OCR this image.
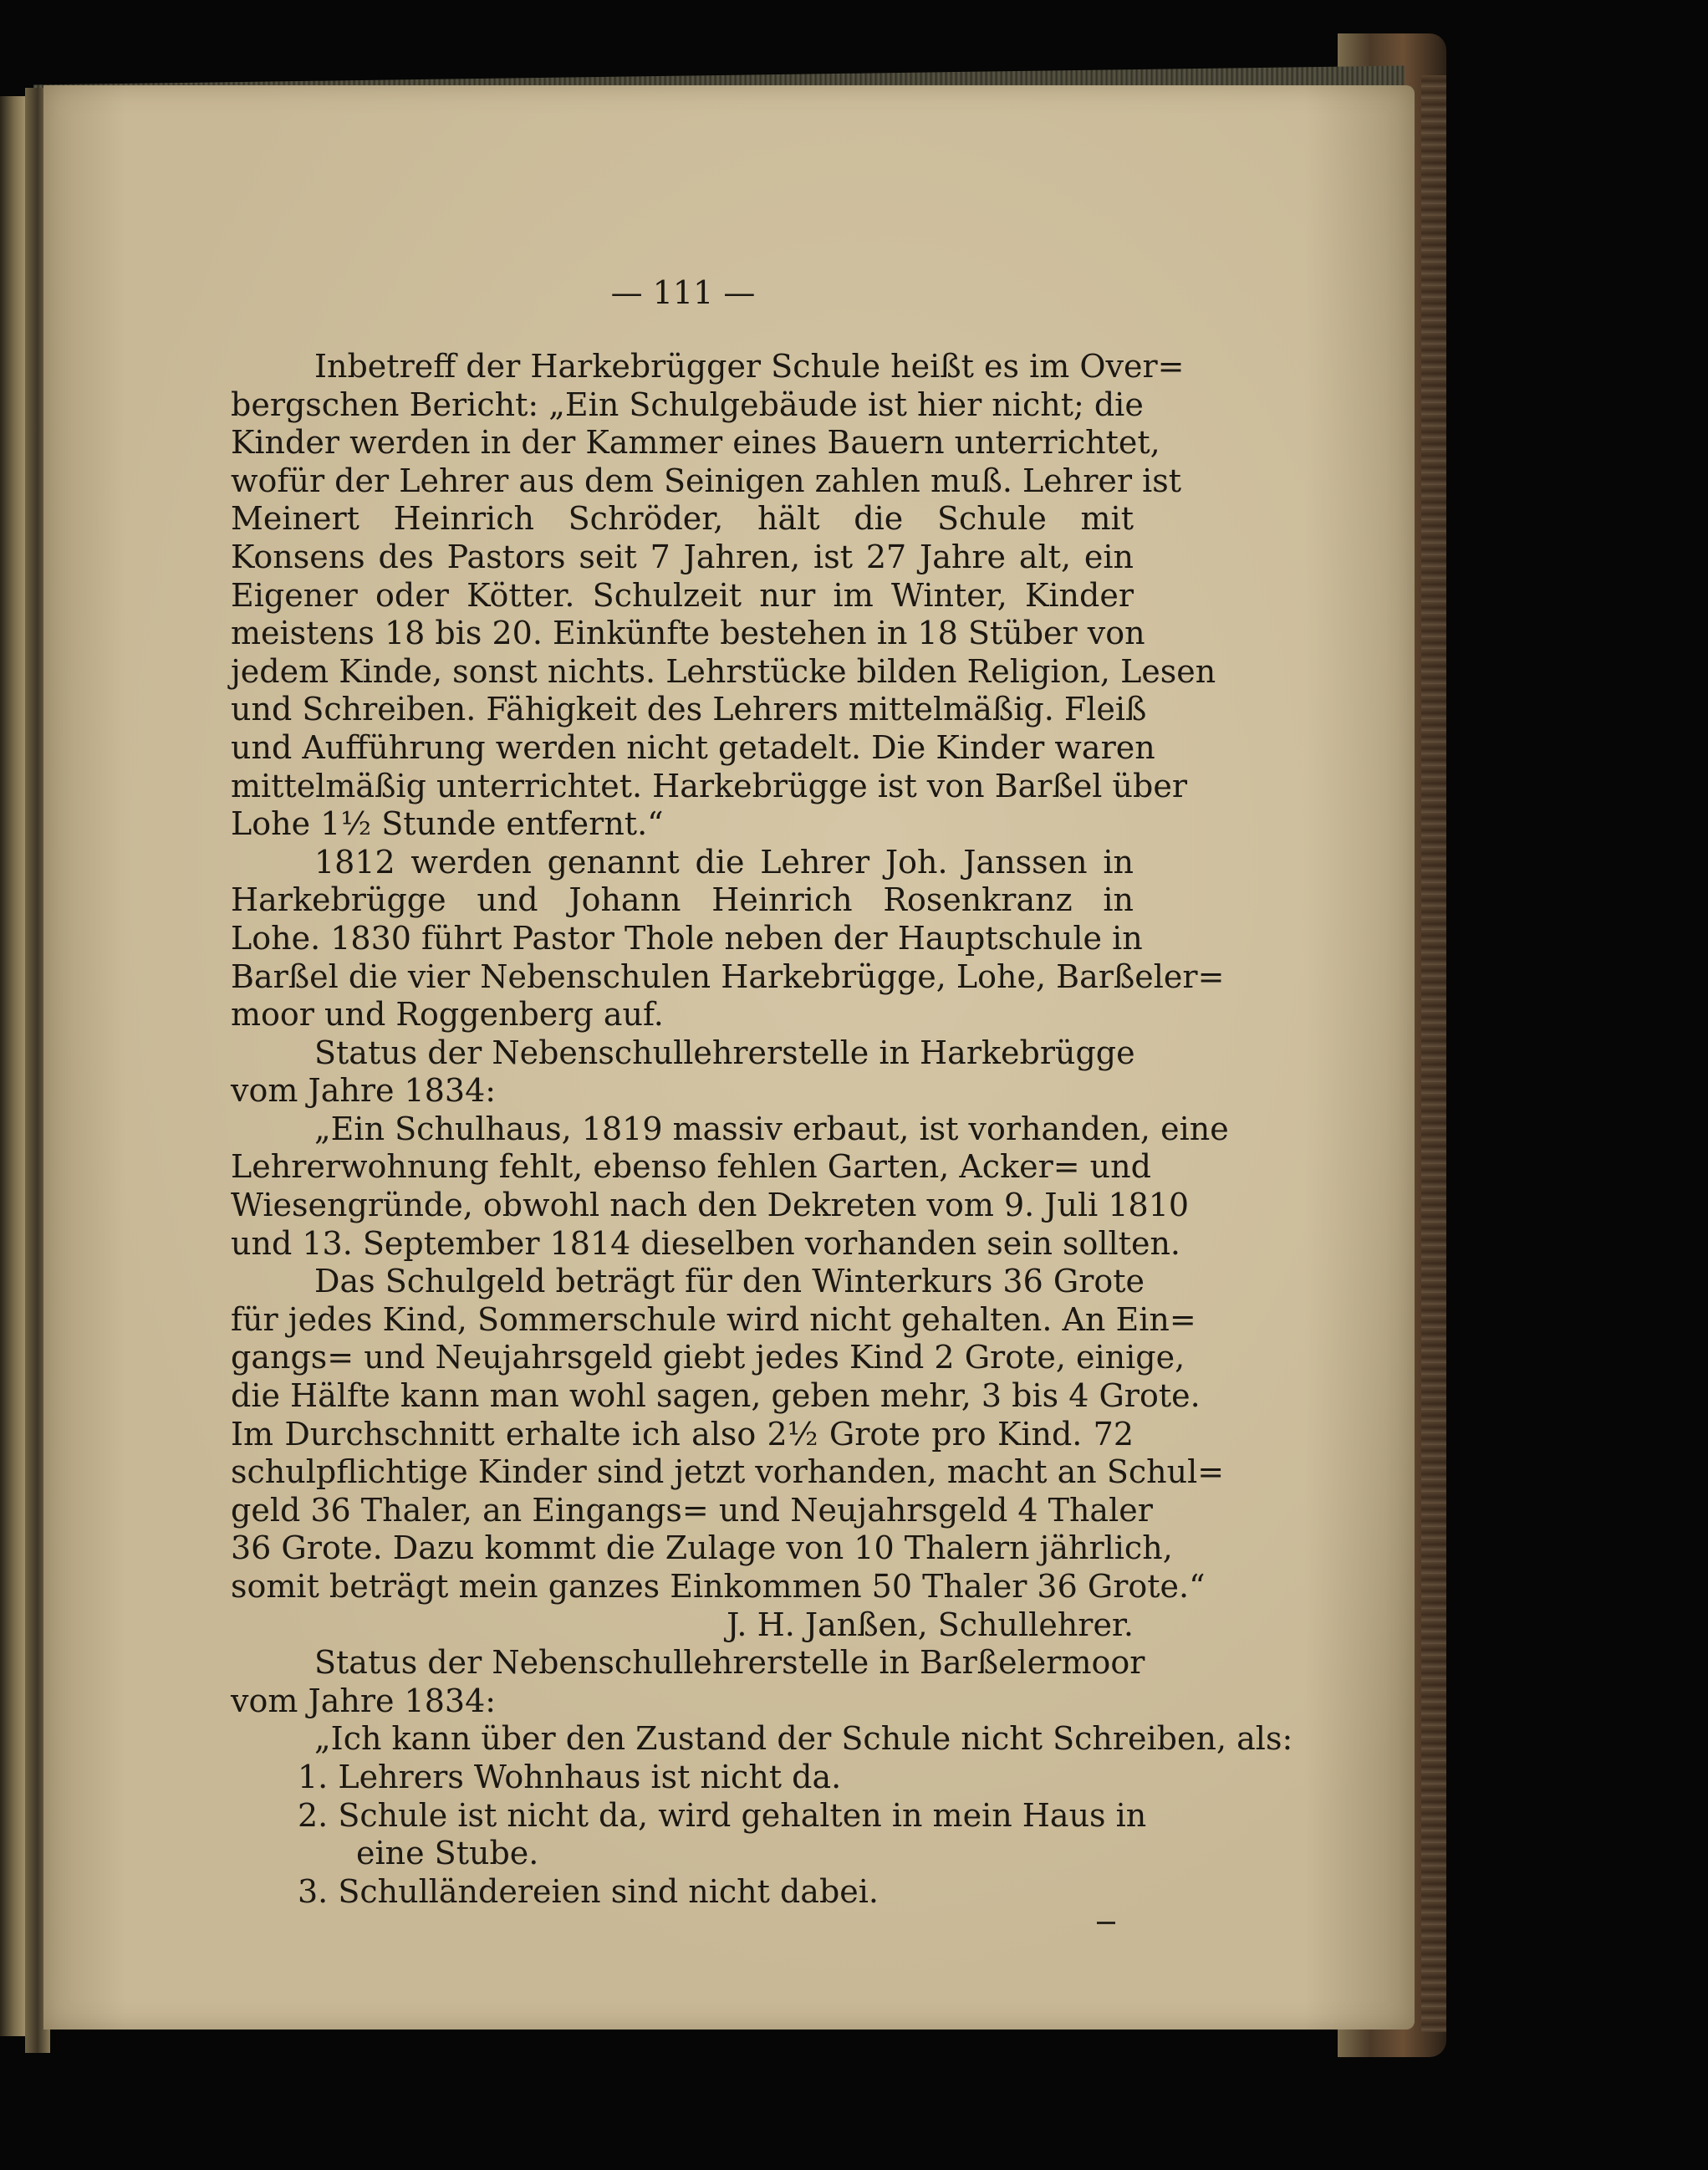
— 111 —
Inbetreff der Harkebrügger Schule heißt es im Over=
bergschen Bericht: „Ein Schulgebäude ist hier nicht; die
Kinder werden in der Kammer eines Bauern unterrichtet,
wofür der Lehrer aus dem Seinigen zahlen muß. Lehrer ist
Meinert Heinrich Schröder, hält die Schule mit
Konsens des Pastors seit 7 Jahren, ist 27 Jahre alt, ein
Eigener oder Kötter. Schulzeit nur im Winter, Kinder
meistens 18 bis 20. Einkünfte bestehen in 18 Stüber von
jedem Kinde, sonst nichts. Lehrstücke bilden Religion, Lesen
und Schreiben. Fähigkeit des Lehrers mittelmäßig. Fleiß
und Aufführung werden nicht getadelt. Die Kinder waren
mittelmäßig unterrichtet. Harkebrügge ist von Barßel über
Lohe 1½ Stunde entfernt.“
1812 werden genannt die Lehrer Joh. Janssen in
Harkebrügge und Johann Heinrich Rosenkranz in
Lohe. 1830 führt Pastor Thole neben der Hauptschule in
Barßel die vier Nebenschulen Harkebrügge, Lohe, Barßeler=
moor und Roggenberg auf.
Status der Nebenschullehrerstelle in Harkebrügge
vom Jahre 1834:
„Ein Schulhaus, 1819 massiv erbaut, ist vorhanden, eine
Lehrerwohnung fehlt, ebenso fehlen Garten, Acker= und
Wiesengründe, obwohl nach den Dekreten vom 9. Juli 1810
und 13. September 1814 dieselben vorhanden sein sollten.
Das Schulgeld beträgt für den Winterkurs 36 Grote
für jedes Kind, Sommerschule wird nicht gehalten. An Ein=
gangs= und Neujahrsgeld giebt jedes Kind 2 Grote, einige,
die Hälfte kann man wohl sagen, geben mehr, 3 bis 4 Grote.
Im Durchschnitt erhalte ich also 2½ Grote pro Kind. 72
schulpflichtige Kinder sind jetzt vorhanden, macht an Schul=
geld 36 Thaler, an Eingangs= und Neujahrsgeld 4 Thaler
36 Grote. Dazu kommt die Zulage von 10 Thalern jährlich,
somit beträgt mein ganzes Einkommen 50 Thaler 36 Grote.“
J. H. Janßen, Schullehrer.
Status der Nebenschullehrerstelle in Barßelermoor
vom Jahre 1834:
„Ich kann über den Zustand der Schule nicht Schreiben, als:
1. Lehrers Wohnhaus ist nicht da.
2. Schule ist nicht da, wird gehalten in mein Haus in
eine Stube.
3. Schulländereien sind nicht dabei.
